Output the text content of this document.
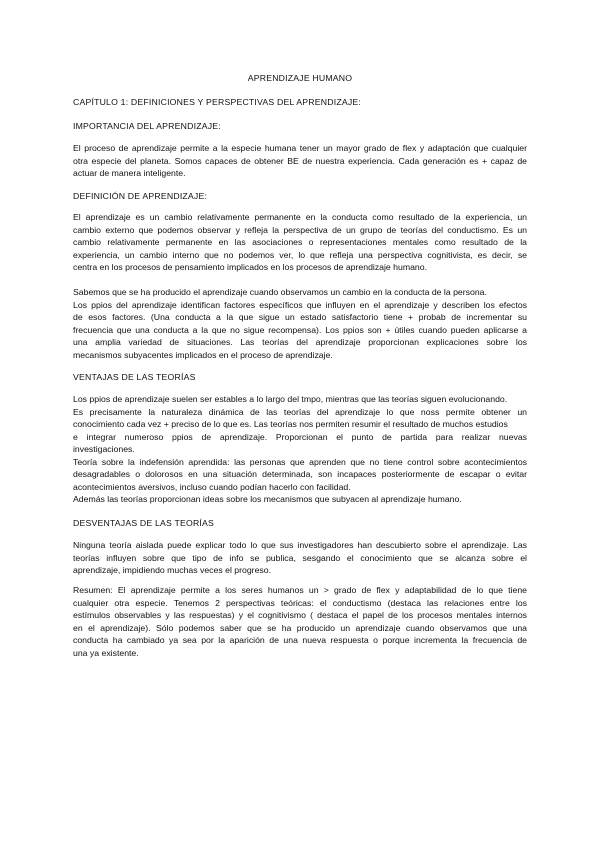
APRENDIZAJE HUMANO
CAPÍTULO 1: DEFINICIONES Y PERSPECTIVAS DEL APRENDIZAJE:
IMPORTANCIA DEL APRENDIZAJE:
El proceso de aprendizaje permite a la especie humana tener un mayor grado de flex y adaptación que cualquier
otra especie del planeta. Somos capaces de obtener BE de nuestra experiencia. Cada generación es + capaz de
actuar de manera inteligente.
DEFINICIÓN DE APRENDIZAJE:
El aprendizaje es un cambio relativamente permanente en la conducta como resultado de la experiencia, un
cambio externo que podemos observar y refleja la perspectiva de un grupo de teorías del conductismo. Es un
cambio relativamente permanente en las asociaciones o representaciones mentales como resultado de la
experiencia, un cambio interno que no podemos ver, lo que refleja una perspectiva cognitivista, es decir, se
centra en los procesos de pensamiento implicados en los procesos de aprendizaje humano.
Sabemos que se ha producido el aprendizaje cuando observamos un cambio en la conducta de la persona.
Los ppios del aprendizaje identifican factores específicos que influyen en el aprendizaje y describen los efectos
de esos factores. (Una conducta a la que sigue un estado satisfactorio tiene + probab de incrementar su
frecuencia que una conducta a la que no sigue recompensa). Los ppios son + útiles cuando pueden aplicarse a
una amplia variedad de situaciones. Las teorías del aprendizaje proporcionan explicaciones sobre los
mecanismos subyacentes implicados en el proceso de aprendizaje.
VENTAJAS DE LAS TEORÍAS
Los ppios de aprendizaje suelen ser estables a lo largo del tmpo, mientras que las teorías siguen evolucionando.
Es precisamente la naturaleza dinámica de las teorías del aprendizaje lo que noss permite obtener un
conocimiento cada vez + preciso de lo que es. Las teorías nos permiten resumir el resultado de muchos estudios
e integrar numeroso ppios de aprendizaje. Proporcionan el punto de partida para realizar nuevas
investigaciones.
Teoría sobre la indefensión aprendida: las personas que aprenden que no tiene control sobre acontecimientos
desagradables o dolorosos en una situación determinada, son incapaces posteriormente de escapar o evitar
acontecimientos aversivos, incluso cuando podían hacerlo con facilidad.
Además las teorías proporcionan ideas sobre los mecanismos que subyacen al aprendizaje humano.
DESVENTAJAS DE LAS TEORÍAS
Ninguna teoría aislada puede explicar todo lo que sus investigadores han descubierto sobre el aprendizaje. Las
teorías influyen sobre que tipo de info se publica, sesgando el conocimiento que se alcanza sobre el
aprendizaje, impidiendo muchas veces el progreso.
Resumen: El aprendizaje permite a los seres humanos un > grado de flex y adaptabilidad de lo que tiene
cualquier otra especie. Tenemos 2 perspectivas teóricas: el conductismo (destaca las relaciones entre los
estímulos observables y las respuestas) y el cognitivismo ( destaca el papel de los procesos mentales internos
en el aprendizaje). Sólo podemos saber que se ha producido un aprendizaje cuando observamos que una
conducta ha cambiado ya sea por la aparición de una nueva respuesta o porque incrementa la frecuencia de
una ya existente.
